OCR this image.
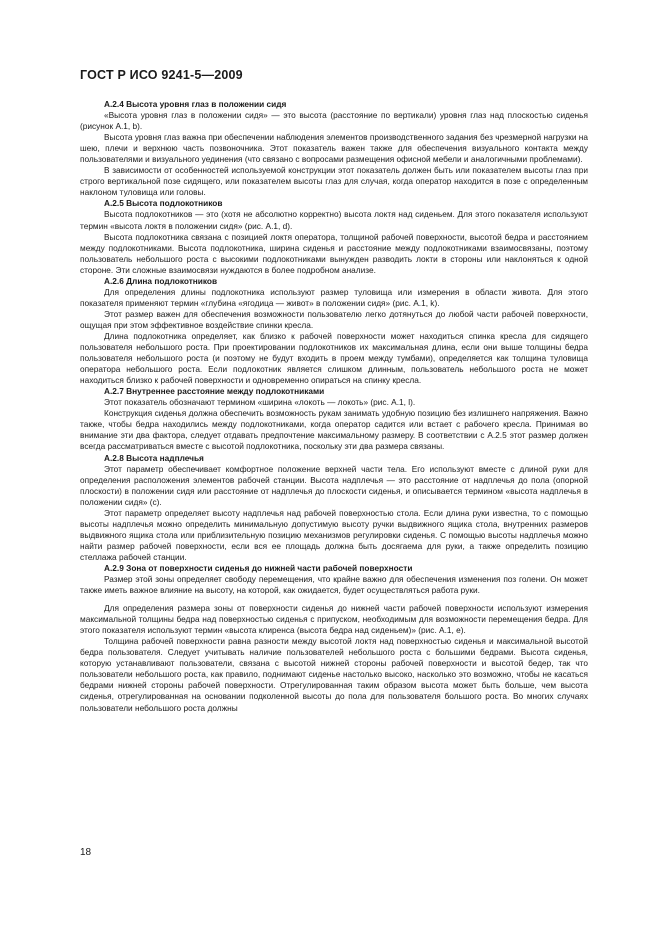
ГОСТ Р ИСО 9241-5—2009
А.2.4 Высота уровня глаз в положении сидя

«Высота уровня глаз в положении сидя» — это высота (расстояние по вертикали) уровня глаз над плоскостью сиденья (рисунок А.1, b).

Высота уровня глаз важна при обеспечении наблюдения элементов производственного задания без чрезмерной нагрузки на шею, плечи и верхнюю часть позвоночника. Этот показатель важен также для обеспечения визуального контакта между пользователями и визуального уединения (что связано с вопросами размещения офисной мебели и аналогичными проблемами).

В зависимости от особенностей используемой конструкции этот показатель должен быть или показателем высоты глаз при строго вертикальной позе сидящего, или показателем высоты глаз для случая, когда оператор находится в позе с определенным наклоном туловища или головы.

А.2.5 Высота подлокотников

Высота подлокотников — это (хотя не абсолютно корректно) высота локтя над сиденьем. Для этого показателя используют термин «высота локтя в положении сидя» (рис. А.1, d).

Высота подлокотника связана с позицией локтя оператора, толщиной рабочей поверхности, высотой бедра и расстоянием между подлокотниками. Высота подлокотника, ширина сиденья и расстояние между подлокотниками взаимосвязаны, поэтому пользователь небольшого роста с высокими подлокотниками вынужден разводить локти в стороны или наклоняться к одной стороне. Эти сложные взаимосвязи нуждаются в более подробном анализе.

А.2.6 Длина подлокотников

Для определения длины подлокотника используют размер туловища или измерения в области живота. Для этого показателя применяют термин «глубина «ягодица — живот» в положении сидя» (рис. А.1, k).

Этот размер важен для обеспечения возможности пользователю легко дотянуться до любой части рабочей поверхности, ощущая при этом эффективное воздействие спинки кресла.

Длина подлокотника определяет, как близко к рабочей поверхности может находиться спинка кресла для сидящего пользователя небольшого роста. При проектировании подлокотников их максимальная длина, если они выше толщины бедра пользователя небольшого роста (и поэтому не будут входить в проем между тумбами), определяется как толщина туловища оператора небольшого роста. Если подлокотник является слишком длинным, пользователь небольшого роста не может находиться близко к рабочей поверхности и одновременно опираться на спинку кресла.

А.2.7 Внутреннее расстояние между подлокотниками

Этот показатель обозначают термином «ширина «локоть — локоть» (рис. А.1, l).

Конструкция сиденья должна обеспечить возможность рукам занимать удобную позицию без излишнего напряжения. Важно также, чтобы бедра находились между подлокотниками, когда оператор садится или встает с рабочего кресла. Принимая во внимание эти два фактора, следует отдавать предпочтение максимальному размеру. В соответствии с А.2.5 этот размер должен всегда рассматриваться вместе с высотой подлокотника, поскольку эти два размера связаны.

А.2.8 Высота надплечья

Этот параметр обеспечивает комфортное положение верхней части тела. Его используют вместе с длиной руки для определения расположения элементов рабочей станции. Высота надплечья — это расстояние от надплечья до пола (опорной плоскости) в положении сидя или расстояние от надплечья до плоскости сиденья, и описывается термином «высота надплечья в положении сидя» (c).

Этот параметр определяет высоту надплечья над рабочей поверхностью стола. Если длина руки известна, то с помощью высоты надплечья можно определить минимальную допустимую высоту ручки выдвижного ящика стола, внутренних размеров выдвижного ящика стола или приблизительную позицию механизмов регулировки сиденья. С помощью высоты надплечья можно найти размер рабочей поверхности, если вся ее площадь должна быть досягаема для руки, а также определить позицию стеллажа рабочей станции.

А.2.9 Зона от поверхности сиденья до нижней части рабочей поверхности

Размер этой зоны определяет свободу перемещения, что крайне важно для обеспечения изменения поз голени. Он может также иметь важное влияние на высоту, на которой, как ожидается, будет осуществляться работа руки.

Для определения размера зоны от поверхности сиденья до нижней части рабочей поверхности используют измерения максимальной толщины бедра над поверхностью сиденья с припуском, необходимым для возможности перемещения бедра. Для этого показателя используют термин «высота клиренса (высота бедра над сиденьем)» (рис. А.1, e).

Толщина рабочей поверхности равна разности между высотой локтя над поверхностью сиденья и максимальной высотой бедра пользователя. Следует учитывать наличие пользователей небольшого роста с большими бедрами. Высота сиденья, которую устанавливают пользователи, связана с высотой нижней стороны рабочей поверхности и высотой бедер, так что пользователи небольшого роста, как правило, поднимают сиденье настолько высоко, насколько это возможно, чтобы не касаться бедрами нижней стороны рабочей поверхности. Отрегулированная таким образом высота может быть больше, чем высота сиденья, отрегулированная на основании подколенной высоты до пола для пользователя большого роста. Во многих случаях пользователи небольшого роста должны

18
